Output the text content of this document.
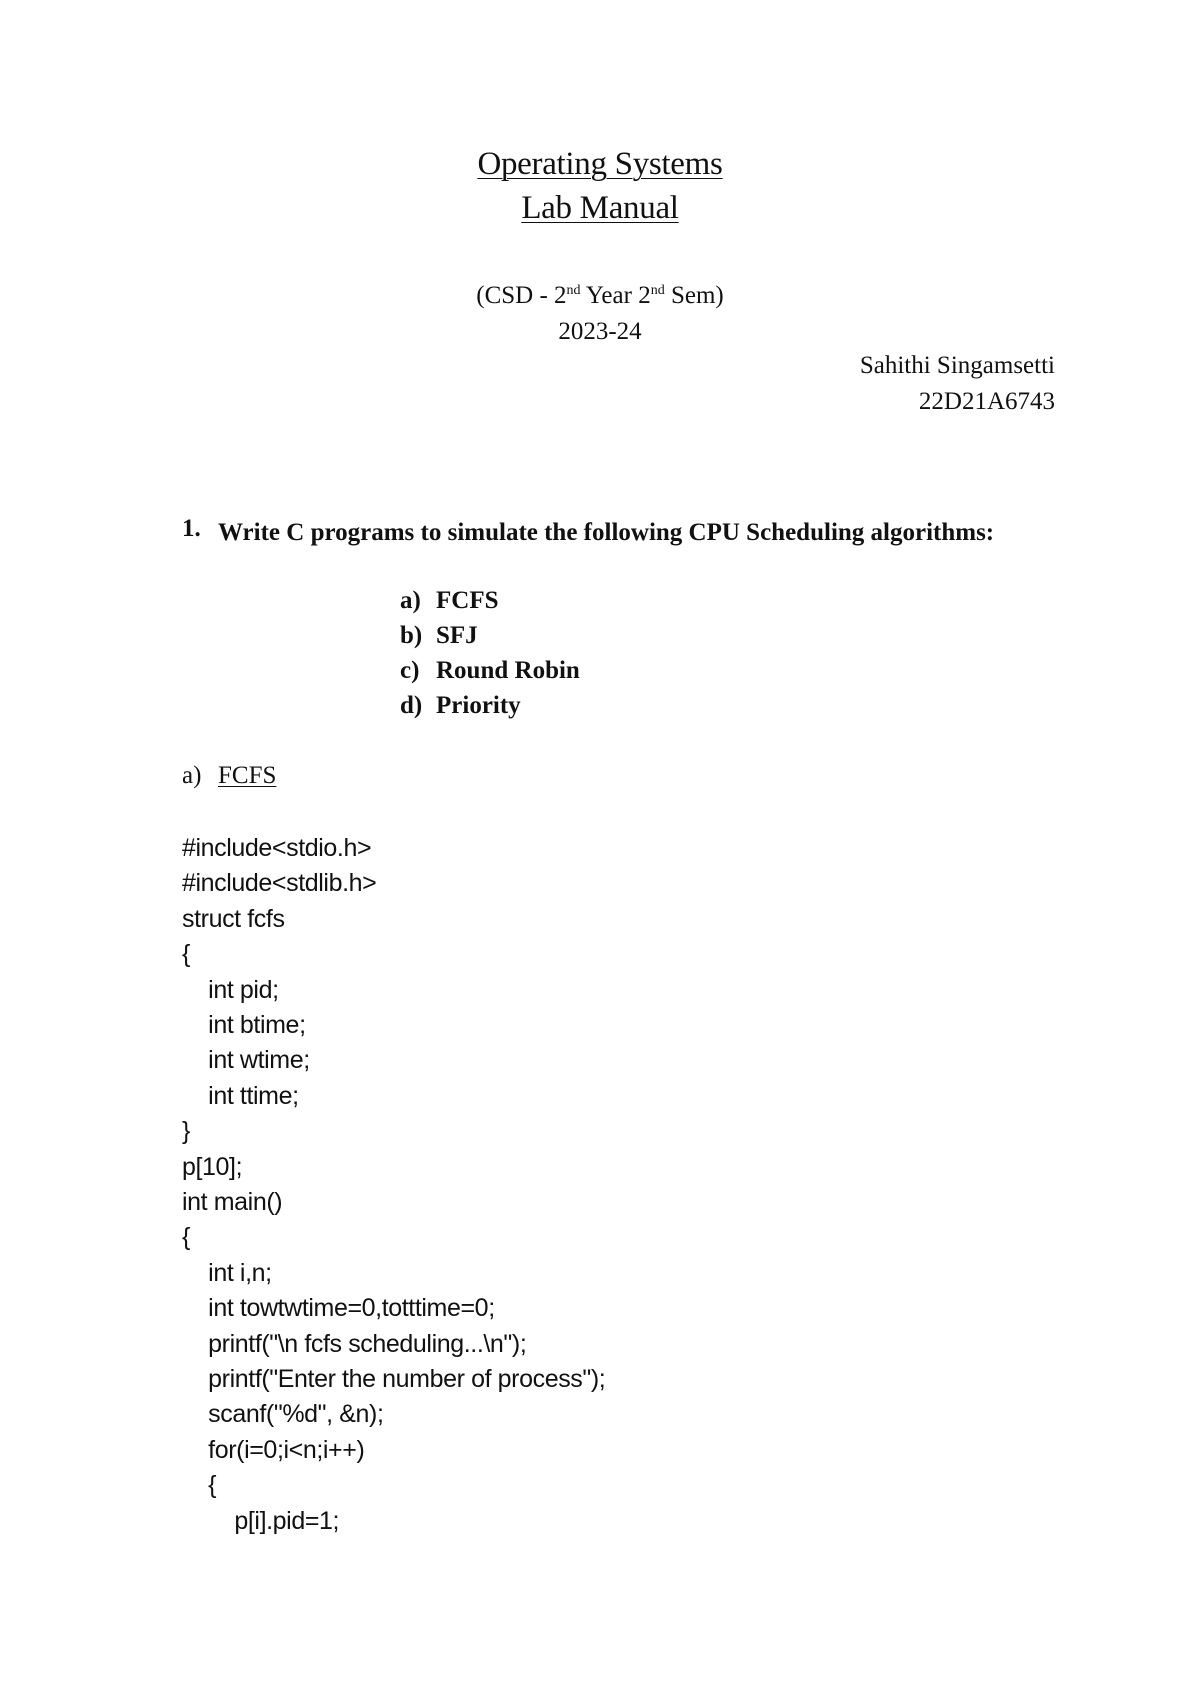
Operating Systems
Lab Manual
(CSD - 2nd Year 2nd Sem)
2023-24
Sahithi Singamsetti
22D21A6743
1. Write C programs to simulate the following CPU Scheduling algorithms:
a) FCFS
b) SFJ
c) Round Robin
d) Priority
a) FCFS
#include<stdio.h>
#include<stdlib.h>
struct fcfs
{
int pid;
int btime;
int wtime;
int ttime;
}
p[10];
int main()
{
int i,n;
int towtwtime=0,totttime=0;
printf("\n fcfs scheduling...\n");
printf("Enter the number of process");
scanf("%d", &n);
for(i=0;i<n;i++)
{
p[i].pid=1;
